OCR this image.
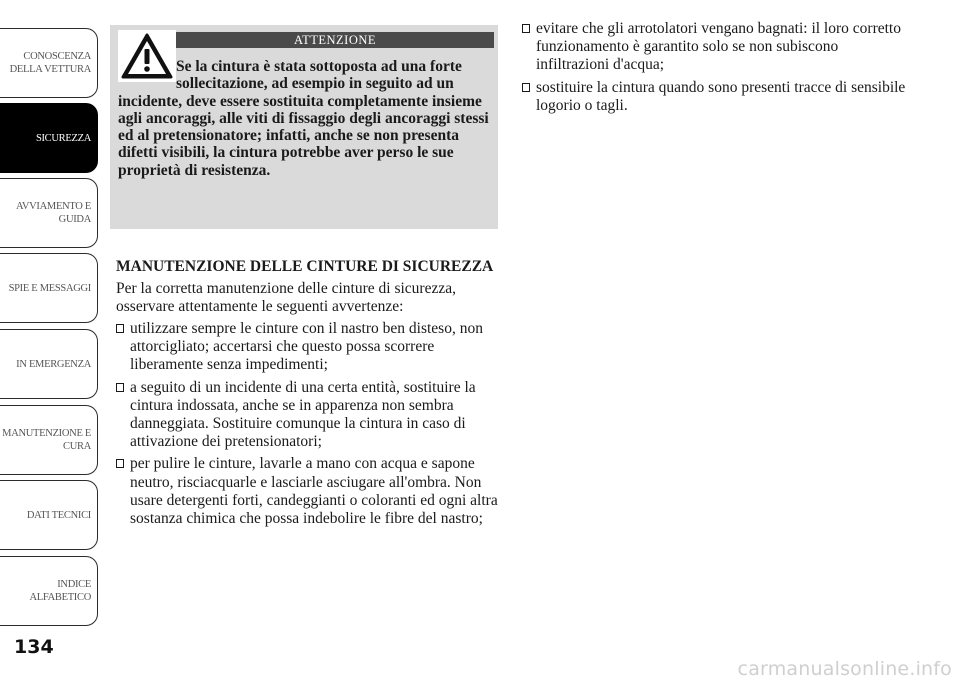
CONOSCENZA
DELLA VETTURA
SICUREZZA
AVVIAMENTO E
GUIDA
SPIE E MESSAGGI
IN EMERGENZA
MANUTENZIONE E
CURA
DATI TECNICI
INDICE
ALFABETICO
134
ATTENZIONE

Se la cintura è stata sottoposta ad una forte sollecitazione, ad esempio in seguito ad un incidente, deve essere sostituita completamente insieme agli ancoraggi, alle viti di fissaggio degli ancoraggi stessi ed al pretensionatore; infatti, anche se non presenta difetti visibili, la cintura potrebbe aver perso le sue proprietà di resistenza.

MANUTENZIONE DELLE CINTURE DI SICUREZZA

Per la corretta manutenzione delle cinture di sicurezza, osservare attentamente le seguenti avvertenze:

utilizzare sempre le cinture con il nastro ben disteso, non attorcigliato; accertarsi che questo possa scorrere liberamente senza impedimenti;
a seguito di un incidente di una certa entità, sostituire la cintura indossata, anche se in apparenza non sembra danneggiata. Sostituire comunque la cintura in caso di attivazione dei pretensionatori;
per pulire le cinture, lavarle a mano con acqua e sapone neutro, risciacquarle e lasciarle asciugare all'ombra. Non usare detergenti forti, candeggianti o coloranti ed ogni altra sostanza chimica che possa indebolire le fibre del nastro;
evitare che gli arrotolatori vengano bagnati: il loro corretto funzionamento è garantito solo se non subiscono infiltrazioni d'acqua;
sostituire la cintura quando sono presenti tracce di sensibile logorio o tagli.
carmanualsonline.info
